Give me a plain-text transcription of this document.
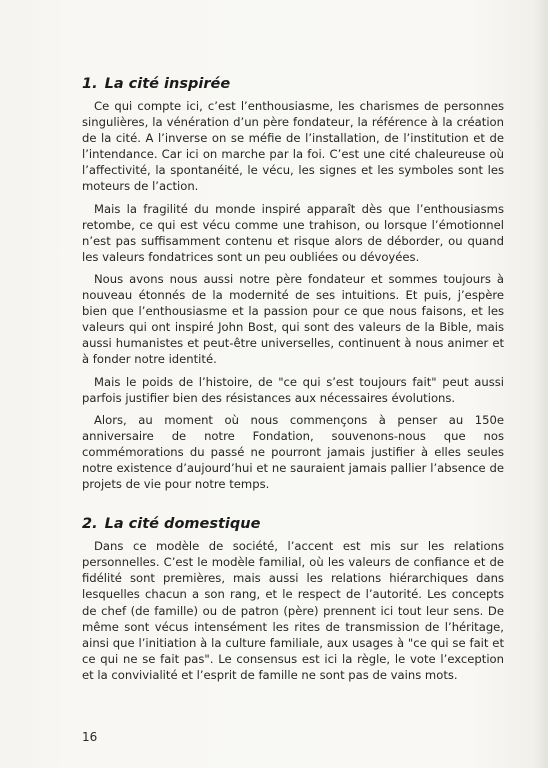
1. La cité inspirée

Ce qui compte ici, c’est l’enthousiasme, les charismes de personnes singulières, la vénération d’un père fondateur, la référence à la création de la cité. A l’inverse on se méfie de l’installation, de l’institution et de l’intendance. Car ici on marche par la foi. C’est une cité chaleureuse où l’affectivité, la spontanéité, le vécu, les signes et les symboles sont les moteurs de l’action.

Mais la fragilité du monde inspiré apparaît dès que l’enthousiasms retombe, ce qui est vécu comme une trahison, ou lorsque l’émotionnel n’est pas suffisamment contenu et risque alors de déborder, ou quand les valeurs fondatrices sont un peu oubliées ou dévoyées.

Nous avons nous aussi notre père fondateur et sommes toujours à nouveau étonnés de la modernité de ses intuitions. Et puis, j’espère bien que l’enthousiasme et la passion pour ce que nous faisons, et les valeurs qui ont inspiré John Bost, qui sont des valeurs de la Bible, mais aussi humanistes et peut-être universelles, continuent à nous animer et à fonder notre identité.

Mais le poids de l’histoire, de "ce qui s’est toujours fait" peut aussi parfois justifier bien des résistances aux nécessaires évolutions.

Alors, au moment où nous commençons à penser au 150e anniversaire de notre Fondation, souvenons-nous que nos commémorations du passé ne pourront jamais justifier à elles seules notre existence d’aujourd’hui et ne sauraient jamais pallier l’absence de projets de vie pour notre temps.

2. La cité domestique

Dans ce modèle de société, l’accent est mis sur les relations personnelles. C’est le modèle familial, où les valeurs de confiance et de fidélité sont premières, mais aussi les relations hiérarchiques dans lesquelles chacun a son rang, et le respect de l’autorité. Les concepts de chef (de famille) ou de patron (père) prennent ici tout leur sens. De même sont vécus intensément les rites de transmission de l’héritage, ainsi que l’initiation à la culture familiale, aux usages à "ce qui se fait et ce qui ne se fait pas". Le consensus est ici la règle, le vote l’exception et la convivialité et l’esprit de famille ne sont pas de vains mots.

16
